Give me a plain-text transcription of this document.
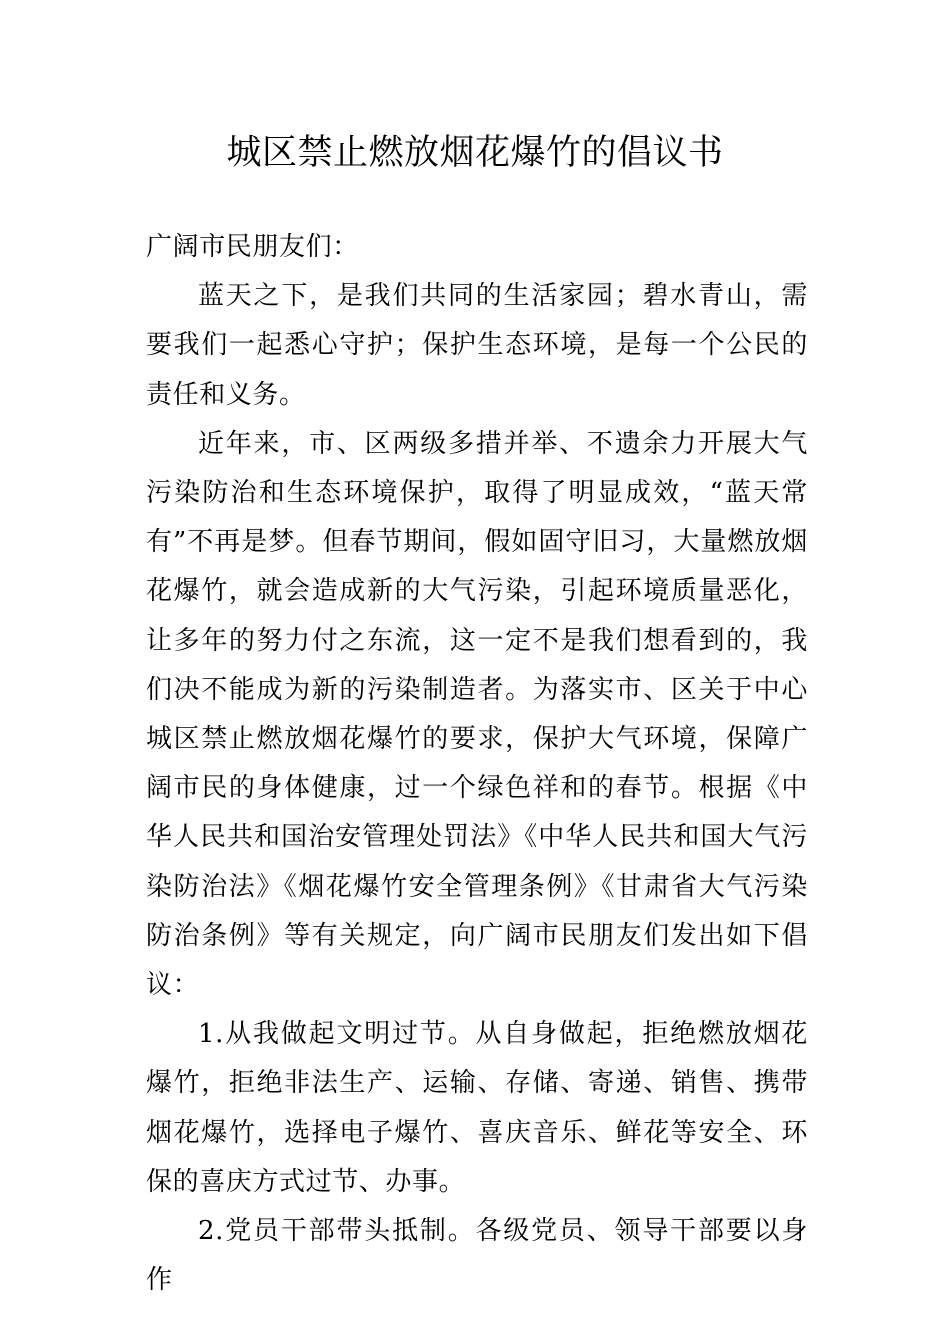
城区禁止燃放烟花爆竹的倡议书

广阔市民朋友们：

蓝天之下，是我们共同的生活家园；碧水青山，需要我们一起悉心守护；保护生态环境，是每一个公民的责任和义务。

近年来，市、区两级多措并举、不遗余力开展大气污染防治和生态环境保护，取得了明显成效，“蓝天常有”不再是梦。但春节期间，假如固守旧习，大量燃放烟花爆竹，就会造成新的大气污染，引起环境质量恶化，让多年的努力付之东流，这一定不是我们想看到的，我们决不能成为新的污染制造者。为落实市、区关于中心城区禁止燃放烟花爆竹的要求，保护大气环境，保障广阔市民的身体健康，过一个绿色祥和的春节。根据《中华人民共和国治安管理处罚法》《中华人民共和国大气污染防治法》《烟花爆竹安全管理条例》《甘肃省大气污染防治条例》等有关规定，向广阔市民朋友们发出如下倡议：

1.从我做起文明过节。从自身做起，拒绝燃放烟花爆竹，拒绝非法生产、运输、存储、寄递、销售、携带烟花爆竹，选择电子爆竹、喜庆音乐、鲜花等安全、环保的喜庆方式过节、办事。

2.党员干部带头抵制。各级党员、领导干部要以身作
